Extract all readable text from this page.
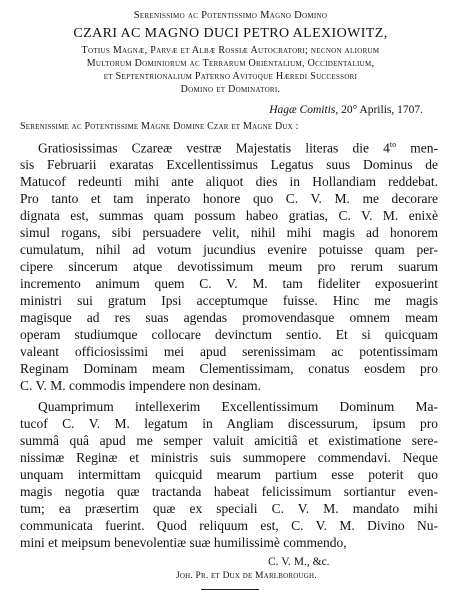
Serenissimo ac Potentissimo Magno Domino
CZARI AC MAGNO DUCI PETRO ALEXIOWITZ,
Totius Magnæ, Parvæ et Albæ Rossiæ Autocratori; necnon aliorum
Multorum Dominiorum ac Terrarum Orientalium, Occidentalium,
et Septentrionalium Paterno Avitoque Hæredi Successori
Domino et Dominatori.
Hagæ Comitis, 20° Aprilis, 1707.
Serenissime ac Potentissime Magne Domine Czar et Magne Dux :
Gratiosissimas Czareæ vestræ Majestatis literas die $4^{to}$ men-
sis Februarii exaratas Excellentissimus Legatus suus Dominus de
Matucof redeunti mihi ante aliquot dies in Hollandiam reddebat.
Pro tanto et tam inperato honore quo C. V. M. me decorare
dignata est, summas quam possum habeo gratias, C. V. M. enixè
simul rogans, sibi persuadere velit, nihil mihi magis ad honorem
cumulatum, nihil ad votum jucundius evenire potuisse quam per-
cipere sincerum atque devotissimum meum pro rerum suarum
incremento animum quem C. V. M. tam fideliter exposuerint
ministri sui gratum Ipsi acceptumque fuisse. Hinc me magis
magisque ad res suas agendas promovendasque omnem meam
operam studiumque collocare devinctum sentio. Et si quicquam
valeant officiosissimi mei apud serenissimam ac potentissimam
Reginam Dominam meam Clementissimam, conatus eosdem pro
C. V. M. commodis impendere non desinam.
Quamprimum intellexerim Excellentissimum Dominum Ma-
tucof C. V. M. legatum in Angliam discessurum, ipsum pro
summâ quâ apud me semper valuit amicitiâ et existimatione sere-
nissimæ Reginæ et ministris suis summopere commendavi. Neque
unquam intermittam quicquid mearum partium esse poterit quo
magis negotia quæ tractanda habeat felicissimum sortiantur even-
tum; ea præsertim quæ ex speciali C. V. M. mandato mihi
communicata fuerint. Quod reliquum est, C. V. M. Divino Nu-
mini et meipsum benevolentiæ suæ humilissimè commendo,
C. V. M., &c.
Joh. Pr. et Dux de Marlborough.
